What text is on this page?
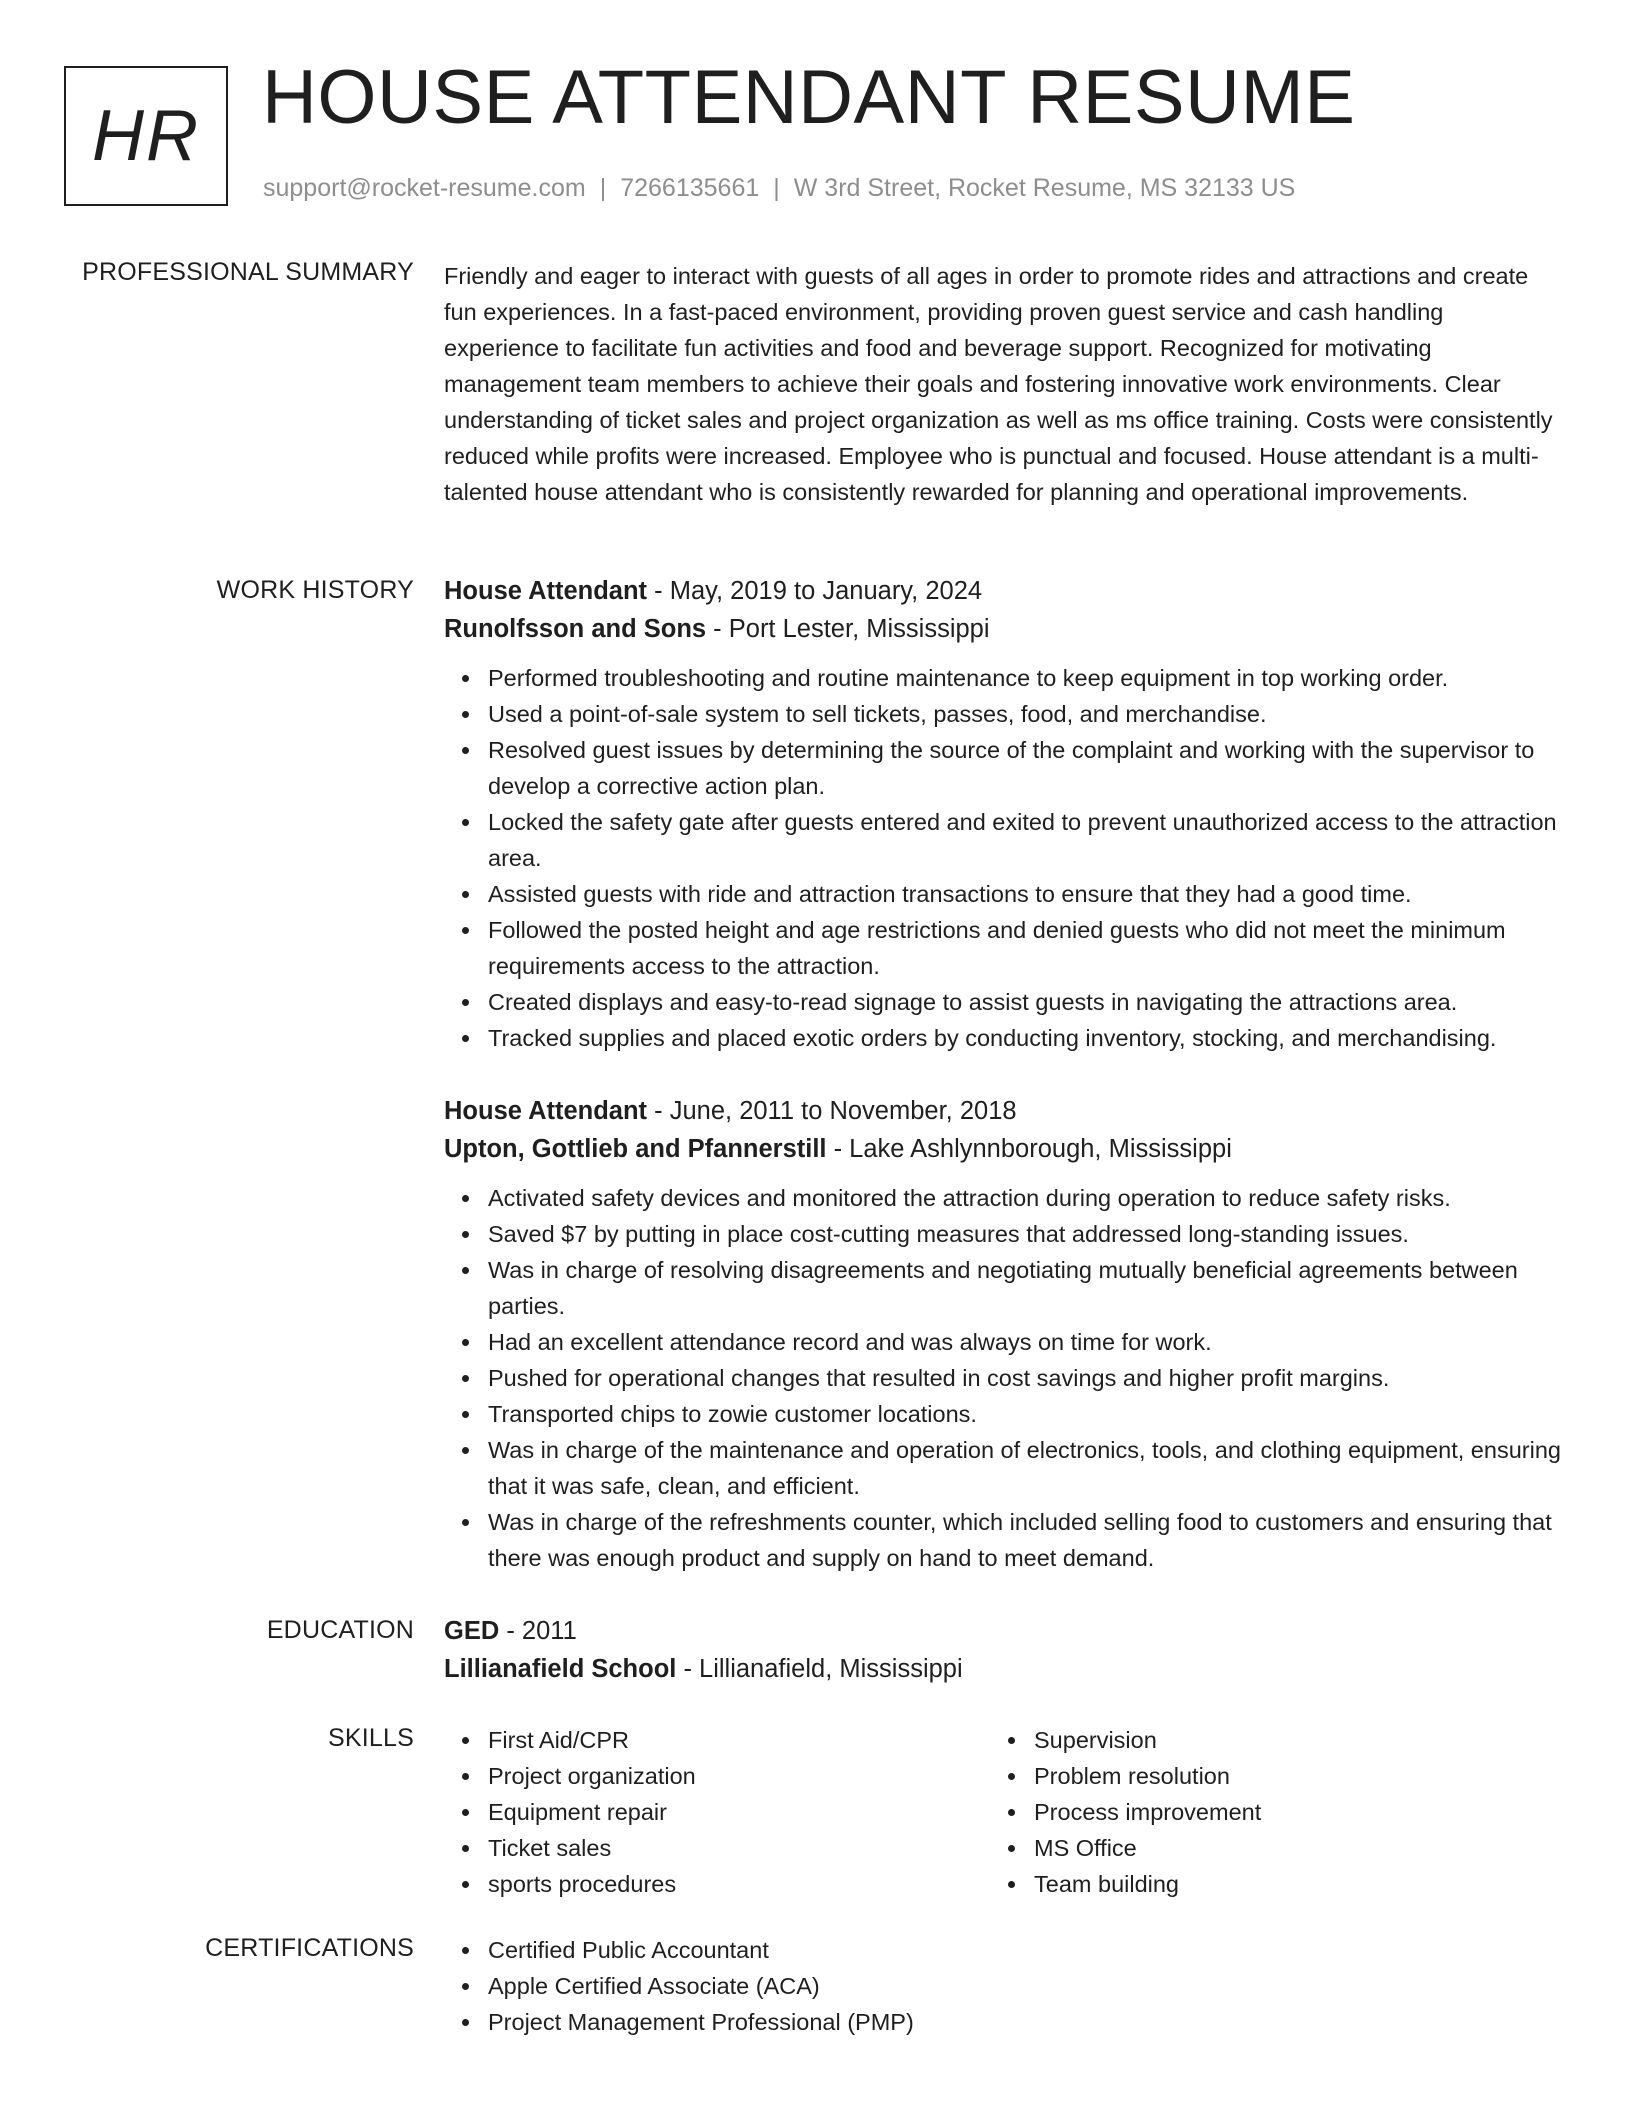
HR HOUSE ATTENDANT RESUME
support@rocket-resume.com | 7266135661 | W 3rd Street, Rocket Resume, MS 32133 US
PROFESSIONAL SUMMARY Friendly and eager to interact with guests of all ages in order to promote rides and attractions and create fun experiences. In a fast-paced environment, providing proven guest service and cash handling experience to facilitate fun activities and food and beverage support. Recognized for motivating management team members to achieve their goals and fostering innovative work environments. Clear understanding of ticket sales and project organization as well as ms office training. Costs were consistently reduced while profits were increased. Employee who is punctual and focused. House attendant is a multi-talented house attendant who is consistently rewarded for planning and operational improvements.

WORK HISTORY House Attendant - May, 2019 to January, 2024
Runolfsson and Sons - Port Lester, Mississippi
Performed troubleshooting and routine maintenance to keep equipment in top working order.
Used a point-of-sale system to sell tickets, passes, food, and merchandise.
Resolved guest issues by determining the source of the complaint and working with the supervisor to develop a corrective action plan.
Locked the safety gate after guests entered and exited to prevent unauthorized access to the attraction area.
Assisted guests with ride and attraction transactions to ensure that they had a good time.
Followed the posted height and age restrictions and denied guests who did not meet the minimum requirements access to the attraction.
Created displays and easy-to-read signage to assist guests in navigating the attractions area.
Tracked supplies and placed exotic orders by conducting inventory, stocking, and merchandising.
House Attendant - June, 2011 to November, 2018
Upton, Gottlieb and Pfannerstill - Lake Ashlynnborough, Mississippi
Activated safety devices and monitored the attraction during operation to reduce safety risks.
Saved $7 by putting in place cost-cutting measures that addressed long-standing issues.
Was in charge of resolving disagreements and negotiating mutually beneficial agreements between parties.
Had an excellent attendance record and was always on time for work.
Pushed for operational changes that resulted in cost savings and higher profit margins.
Transported chips to zowie customer locations.
Was in charge of the maintenance and operation of electronics, tools, and clothing equipment, ensuring that it was safe, clean, and efficient.
Was in charge of the refreshments counter, which included selling food to customers and ensuring that there was enough product and supply on hand to meet demand.
EDUCATION GED - 2011
Lillianafield School - Lillianafield, Mississippi
SKILLS	First Aid/CPR
Project organization
Equipment repair
Ticket sales
sports procedures
Supervision
Problem resolution
Process improvement
MS Office
Team building
CERTIFICATIONS	Certified Public Accountant
Apple Certified Associate (ACA)
Project Management Professional (PMP)
